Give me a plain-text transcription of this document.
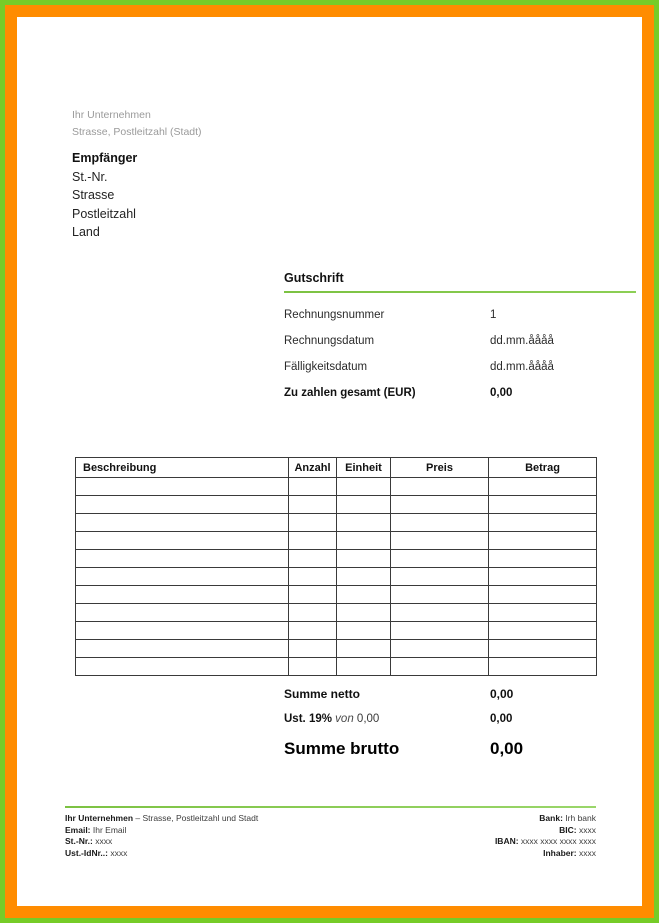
Ihr Unternehmen
Strasse, Postleitzahl (Stadt)
Empfänger
St.-Nr.
Strasse
Postleitzahl
Land
Gutschrift
Rechnungsnummer	1
Rechnungsdatum	dd.mm.åååå
Fälligkeitsdatum	dd.mm.åååå
Zu zahlen gesamt (EUR)	0,00
Beschreibung	Anzahl	Einheit	Preis	Betrag

Summe netto	0,00
Ust. 19% von 0,00	0,00
Summe brutto	0,00
Ihr Unternehmen – Strasse, Postleitzahl und Stadt
Email: Ihr Email
St.-Nr.: xxxx
Ust.-IdNr..: xxxx
Bank: Irh bank
BIC: xxxx
IBAN: xxxx xxxx xxxx xxxx
Inhaber: xxxx
